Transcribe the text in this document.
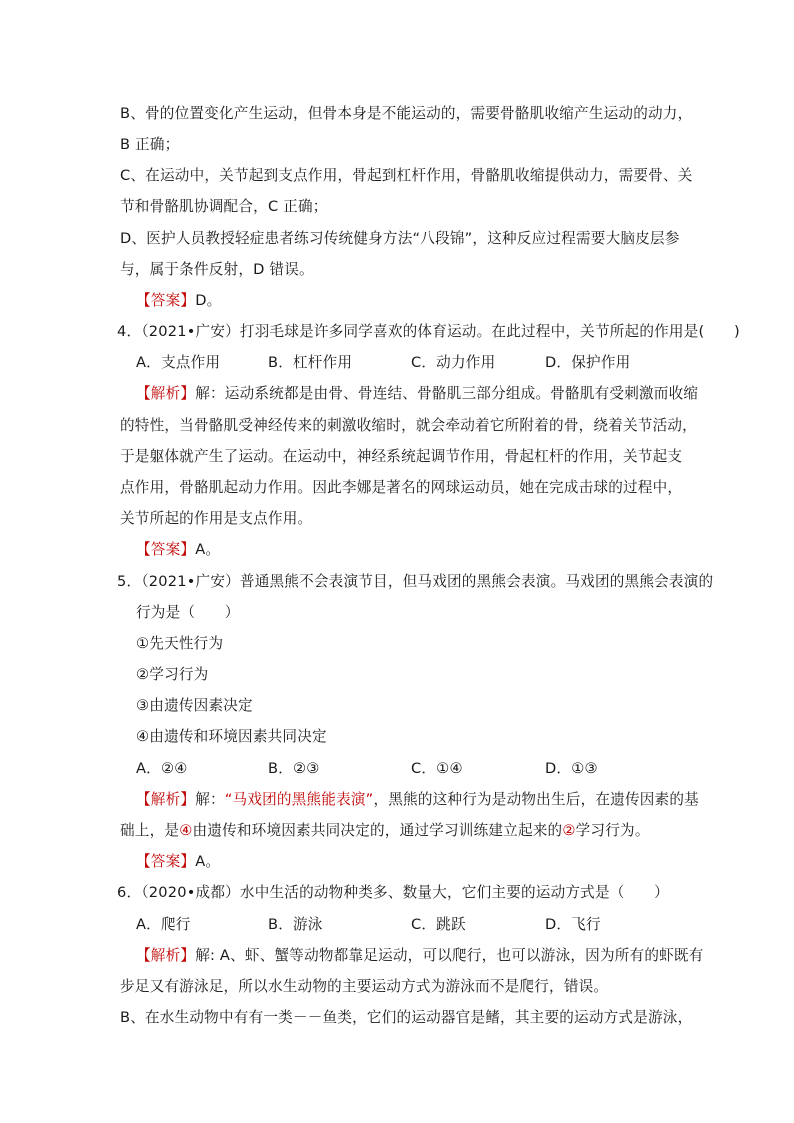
B、骨的位置变化产生运动，但骨本身是不能运动的，需要骨骼肌收缩产生运动的动力，
B 正确；
C、在运动中，关节起到支点作用，骨起到杠杆作用，骨骼肌收缩提供动力，需要骨、关
节和骨骼肌协调配合，C 正确；
D、医护人员教授轻症患者练习传统健身方法“八段锦”，这种反应过程需要大脑皮层参
与，属于条件反射，D 错误。
【答案】D。
4．（2021•广安）打羽毛球是许多同学喜欢的体育运动。在此过程中，关节所起的作用是(　　)
A．支点作用	B．杠杆作用	C．动力作用	D．保护作用
【解析】解：运动系统都是由骨、骨连结、骨骼肌三部分组成。骨骼肌有受刺激而收缩
的特性，当骨骼肌受神经传来的刺激收缩时，就会牵动着它所附着的骨，绕着关节活动，
于是躯体就产生了运动。在运动中，神经系统起调节作用，骨起杠杆的作用，关节起支
点作用，骨骼肌起动力作用。因此李娜是著名的网球运动员，她在完成击球的过程中，
关节所起的作用是支点作用。
【答案】A。
5．（2021•广安）普通黑熊不会表演节目，但马戏团的黑熊会表演。马戏团的黑熊会表演的
行为是（　　）
①先天性行为
②学习行为
③由遗传因素决定
④由遗传和环境因素共同决定
A．②④	B．②③	C．①④	D．①③
【解析】解：“马戏团的黑熊能表演”，黑熊的这种行为是动物出生后，在遗传因素的基
础上，是④由遗传和环境因素共同决定的，通过学习训练建立起来的②学习行为。
【答案】A。
6．（2020•成都）水中生活的动物种类多、数量大，它们主要的运动方式是（　　）
A．爬行	B．游泳	C．跳跃	D．飞行
【解析】解: A、虾、蟹等动物都靠足运动，可以爬行，也可以游泳，因为所有的虾既有
步足又有游泳足，所以水生动物的主要运动方式为游泳而不是爬行，错误。
B、在水生动物中有有一类－－鱼类，它们的运动器官是鳍，其主要的运动方式是游泳，
